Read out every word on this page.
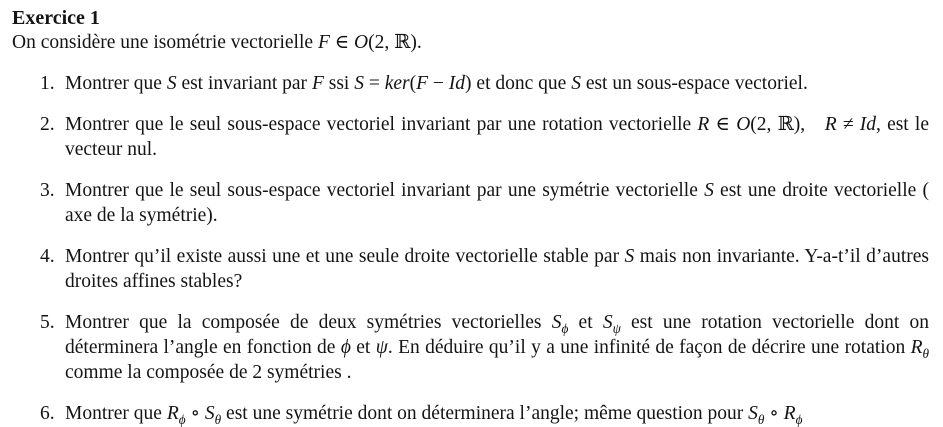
Exercice 1
On considère une isométrie vectorielle F ∈ O(2, ℝ).
1. Montrer que S est invariant par F ssi S = ker(F − Id) et donc que S est un sous-espace vectoriel.
2. Montrer que le seul sous-espace vectoriel invariant par une rotation vectorielle R ∈ O(2, ℝ), R ≠ Id, est le vecteur nul.
3. Montrer que le seul sous-espace vectoriel invariant par une symétrie vectorielle S est une droite vectorielle ( axe de la symétrie).
4. Montrer qu’il existe aussi une et une seule droite vectorielle stable par S mais non invariante. Y-a-t’il d’autres droites affines stables?
5. Montrer que la composée de deux symétries vectorielles $S_\phi$ et $S_\psi$ est une rotation vectorielle dont on déterminera l’angle en fonction de ϕ et ψ. En déduire qu’il y a une infinité de façon de décrire une rotation $R_\theta$ comme la composée de 2 symétries .
6. Montrer que $R_\phi$ ∘ $S_\theta$ est une symétrie dont on déterminera l’angle; même question pour $S_\theta$ ∘ $R_\phi$
